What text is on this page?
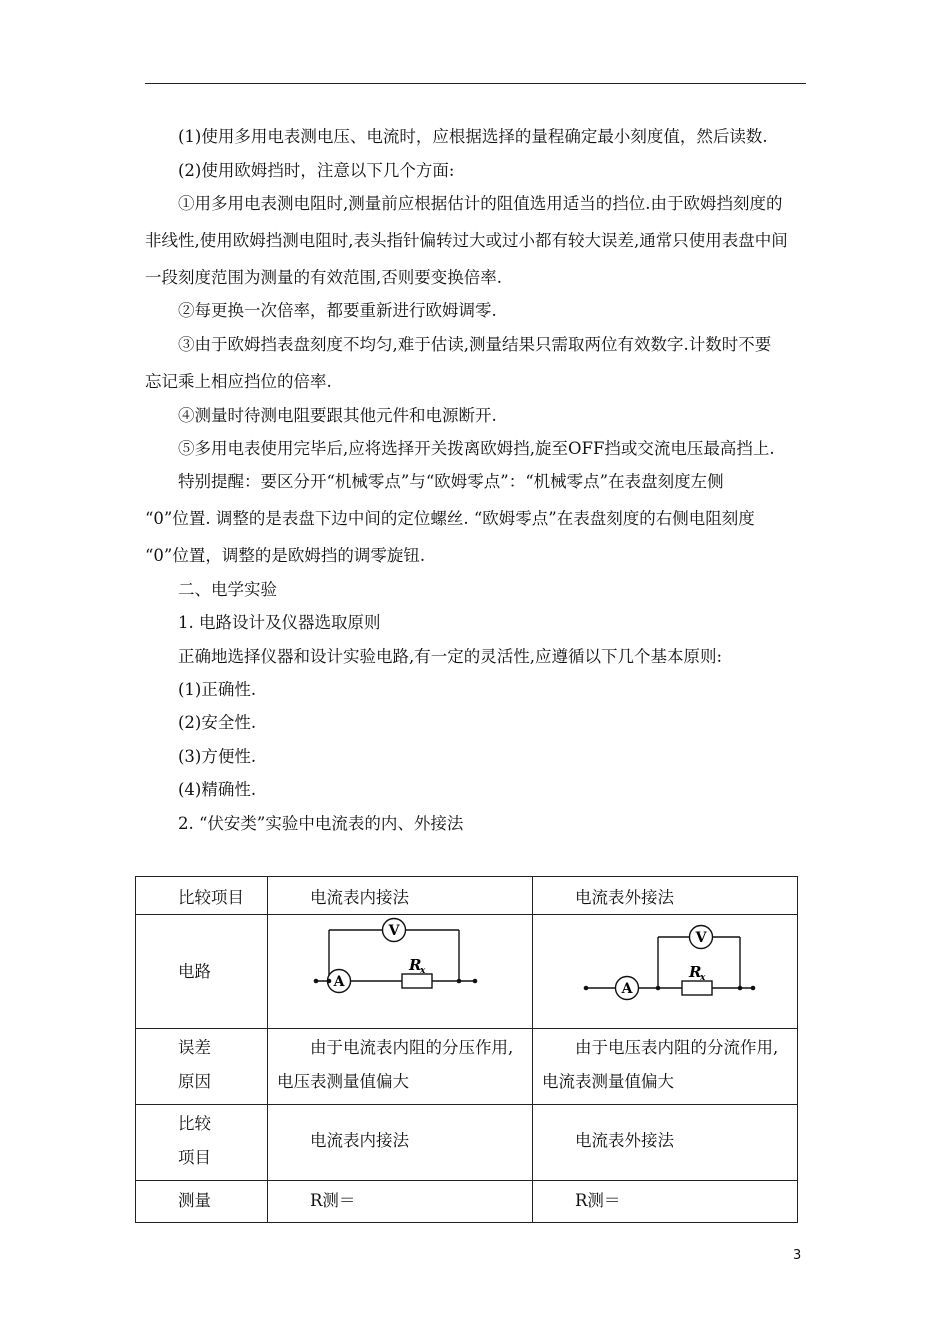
(1)使用多用电表测电压、电流时，应根据选择的量程确定最小刻度值，然后读数.
(2)使用欧姆挡时，注意以下几个方面:
①用多用电表测电阻时,测量前应根据估计的阻值选用适当的挡位.由于欧姆挡刻度的
非线性,使用欧姆挡测电阻时,表头指针偏转过大或过小都有较大误差,通常只使用表盘中间
一段刻度范围为测量的有效范围,否则要变换倍率.
②每更换一次倍率，都要重新进行欧姆调零.
③由于欧姆挡表盘刻度不均匀,难于估读,测量结果只需取两位有效数字.计数时不要
忘记乘上相应挡位的倍率.
④测量时待测电阻要跟其他元件和电源断开.
⑤多用电表使用完毕后,应将选择开关拨离欧姆挡,旋至OFF挡或交流电压最高挡上.
特别提醒：要区分开“机械零点”与“欧姆零点”：“机械零点”在表盘刻度左侧
“0”位置. 调整的是表盘下边中间的定位螺丝. “欧姆零点”在表盘刻度的右侧电阻刻度
“0”位置，调整的是欧姆挡的调零旋钮.
二、电学实验
1. 电路设计及仪器选取原则
正确地选择仪器和设计实验电路,有一定的灵活性,应遵循以下几个基本原则:
(1)正确性.
(2)安全性.
(3)方便性.
(4)精确性.
2. “伏安类”实验中电流表的内、外接法
比较项目	电流表内接法	电流表外接法

电路	V
A
R
x	V
A
R
x

误差
原因	由于电流表内阻的分压作用,
电压表测量值偏大	由于电压表内阻的分流作用,
电流表测量值偏大

比较
项目	电流表内接法	电流表外接法

测量	R测＝	R测＝
3
